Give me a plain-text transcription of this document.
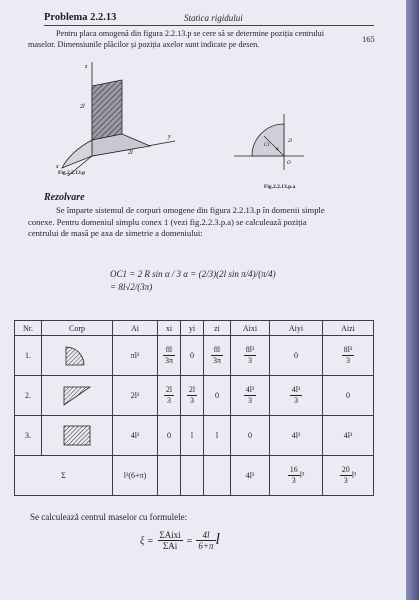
Problema 2.2.13	Statica rigidului
165

Pentru placa omogenă din figura 2.2.13.p se cere să se determine poziția centrului

maselor. Dimensiunile plăcilor și poziția axelor sunt indicate pe desen.

z
2l
y
x
2l
Fig.2.2.13.p
C1
α
2l
O
Fig.2.2.13.p.a
Rezolvare

Se împarte sistemul de corpuri omogene din figura 2.2.13.p în domenii simple

conexe. Pentru domeniul simplu conex 1 (vezi fig.2.2.3.p.a) se calculează poziția

centrului de masă pe axa de simetrie a domeniului:

OC1 = 2 R sin α / 3 α = (2/3)(2l sin π/4)/(π/4) = 8l√2/(3π)
Nr.	Corp	Ai	xi	yi	zi	Aixi	Aiyi	Aizi
1.		πl²	$\frac{8l}{3\pi}$	0	$\frac{8l}{3\pi}$	$\frac{\text{8l³}}{3}$	0	$\frac{\text{8l³}}{3}$

2.		2l²	$\frac{2l}{3}$	$\frac{2l}{3}$	0	$\frac{\text{4l³}}{3}$	$\frac{\text{4l³}}{3}$	0
3.		4l²	0	l	l	0	4l³	4l³
Σ		l²(6+π)				4l³	$\frac{16}{3} l^3$	$\frac{20}{3} l^3$
Se calculează centrul maselor cu formulele:
$\xi = \frac{\text{ΣAixi}}{\text{ΣAi}} = \frac{4l}{6+\pi}$ l
